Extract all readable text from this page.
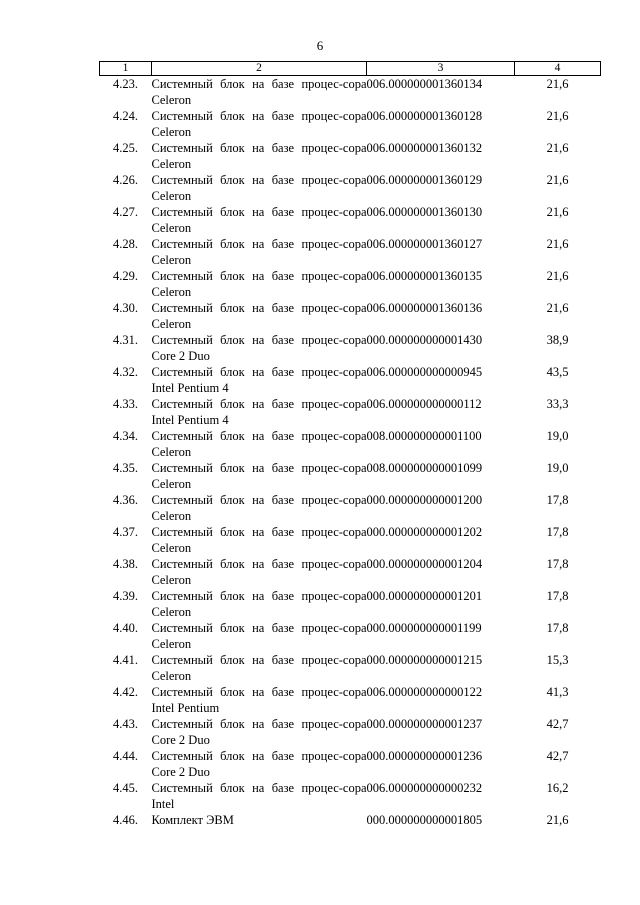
6
1	2	3	4
4.23.	Системный блок на базе процес-сора Celeron	006.000000001360134	21,6
4.24.	Системный блок на базе процес-сора Celeron	006.000000001360128	21,6
4.25.	Системный блок на базе процес-сора Celeron	006.000000001360132	21,6
4.26.	Системный блок на базе процес-сора Celeron	006.000000001360129	21,6
4.27.	Системный блок на базе процес-сора Celeron	006.000000001360130	21,6
4.28.	Системный блок на базе процес-сора Celeron	006.000000001360127	21,6
4.29.	Системный блок на базе процес-сора Celeron	006.000000001360135	21,6
4.30.	Системный блок на базе процес-сора Celeron	006.000000001360136	21,6
4.31.	Системный блок на базе процес-сора Core 2 Duo	000.000000000001430	38,9
4.32.	Системный блок на базе процес-сора Intel Pentium 4	006.000000000000945	43,5
4.33.	Системный блок на базе процес-сора Intel Pentium 4	006.000000000000112	33,3
4.34.	Системный блок на базе процес-сора Celeron	008.000000000001100	19,0
4.35.	Системный блок на базе процес-сора Celeron	008.000000000001099	19,0
4.36.	Системный блок на базе процес-сора Celeron	000.000000000001200	17,8
4.37.	Системный блок на базе процес-сора Celeron	000.000000000001202	17,8
4.38.	Системный блок на базе процес-сора Celeron	000.000000000001204	17,8
4.39.	Системный блок на базе процес-сора Celeron	000.000000000001201	17,8
4.40.	Системный блок на базе процес-сора Celeron	000.000000000001199	17,8
4.41.	Системный блок на базе процес-сора Celeron	000.000000000001215	15,3
4.42.	Системный блок на базе процес-сора Intel Pentium	006.000000000000122	41,3
4.43.	Системный блок на базе процес-сора Core 2 Duo	000.000000000001237	42,7
4.44.	Системный блок на базе процес-сора Core 2 Duo	000.000000000001236	42,7
4.45.	Системный блок на базе процес-сора Intel	006.000000000000232	16,2
4.46.	Комплект ЭВМ	000.000000000001805	21,6
